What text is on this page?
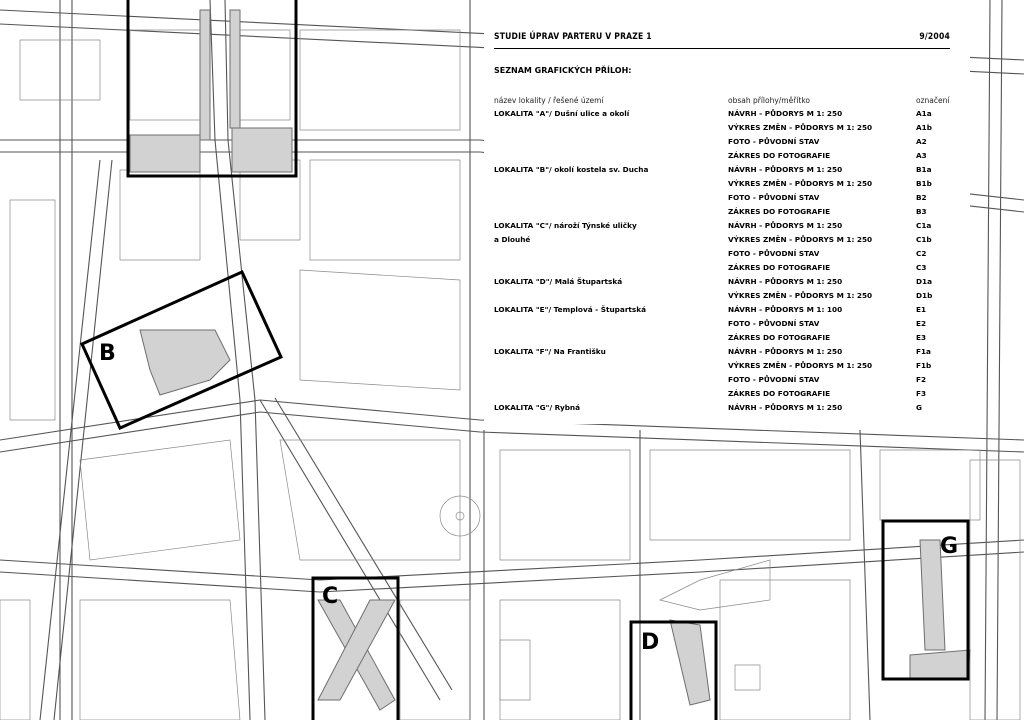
B
C
D
G
STUDIE ÚPRAV PARTERU V PRAZE 1	9/2004
SEZNAM GRAFICKÝCH PŘÍLOH:
název lokality / řešené území	obsah přílohy/měřítko	označení
LOKALITA "A"/ Dušní ulice a okolí	NÁVRH - PŮDORYS M 1: 250	A1a
VÝKRES ZMĚN - PŮDORYS M 1: 250	A1b
FOTO - PŮVODNÍ STAV	A2
ZÁKRES DO FOTOGRAFIE	A3
LOKALITA "B"/ okolí kostela sv. Ducha	NÁVRH - PŮDORYS M 1: 250	B1a
VÝKRES ZMĚN - PŮDORYS M 1: 250	B1b
FOTO - PŮVODNÍ STAV	B2
ZÁKRES DO FOTOGRAFIE	B3
LOKALITA "C"/ nároží Týnské uličky	NÁVRH - PŮDORYS M 1: 250	C1a
a Dlouhé	VÝKRES ZMĚN - PŮDORYS M 1: 250	C1b
FOTO - PŮVODNÍ STAV	C2
ZÁKRES DO FOTOGRAFIE	C3
LOKALITA "D"/ Malá Štupartská	NÁVRH - PŮDORYS M 1: 250	D1a
VÝKRES ZMĚN - PŮDORYS M 1: 250	D1b
LOKALITA "E"/ Templová - Štupartská	NÁVRH - PŮDORYS M 1: 100	E1
FOTO - PŮVODNÍ STAV	E2
ZÁKRES DO FOTOGRAFIE	E3
LOKALITA "F"/ Na Františku	NÁVRH - PŮDORYS M 1: 250	F1a
VÝKRES ZMĚN - PŮDORYS M 1: 250	F1b
FOTO - PŮVODNÍ STAV	F2
ZÁKRES DO FOTOGRAFIE	F3
LOKALITA "G"/ Rybná	NÁVRH - PŮDORYS M 1: 250	G
